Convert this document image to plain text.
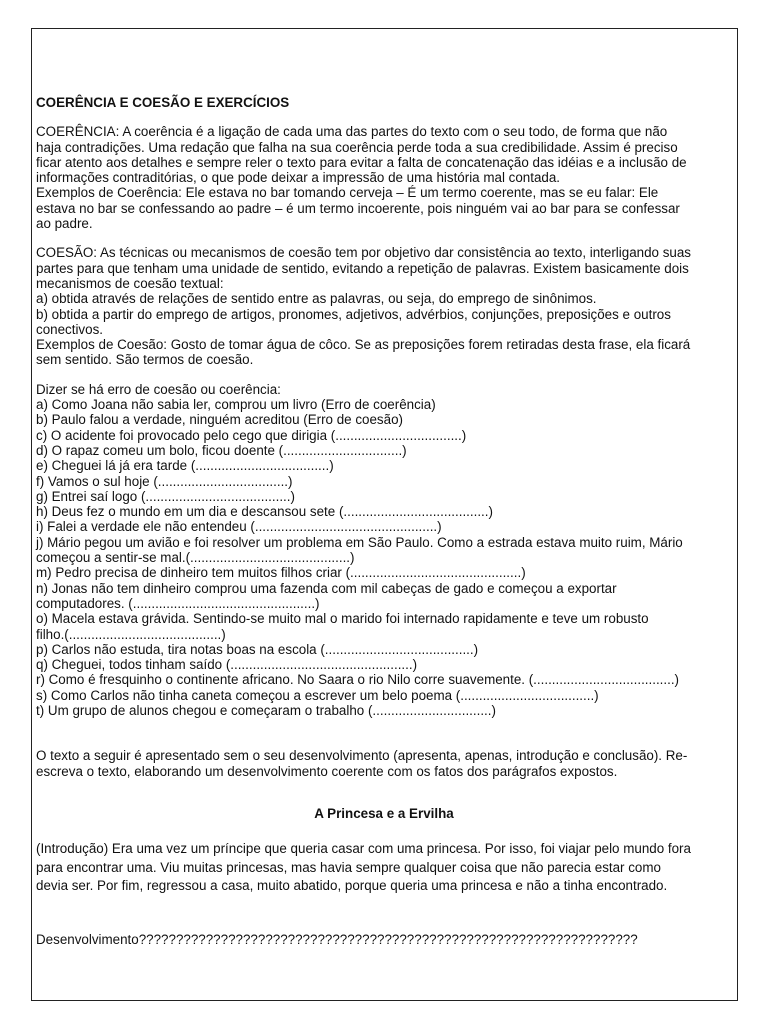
COERÊNCIA E COESÃO E EXERCÍCIOS

COERÊNCIA: A coerência é a ligação de cada uma das partes do texto com o seu todo, de forma que não

haja contradições. Uma redação que falha na sua coerência perde toda a sua credibilidade. Assim é preciso

ficar atento aos detalhes e sempre reler o texto para evitar a falta de concatenação das idéias e a inclusão de

informações contraditórias, o que pode deixar a impressão de uma história mal contada.

Exemplos de Coerência: Ele estava no bar tomando cerveja – É um termo coerente, mas se eu falar: Ele

estava no bar se confessando ao padre – é um termo incoerente, pois ninguém vai ao bar para se confessar

ao padre.

COESÃO: As técnicas ou mecanismos de coesão tem por objetivo dar consistência ao texto, interligando suas

partes para que tenham uma unidade de sentido, evitando a repetição de palavras. Existem basicamente dois

mecanismos de coesão textual:

a) obtida através de relações de sentido entre as palavras, ou seja, do emprego de sinônimos.

b) obtida a partir do emprego de artigos, pronomes, adjetivos, advérbios, conjunções, preposições e outros

conectivos.

Exemplos de Coesão: Gosto de tomar água de côco. Se as preposições forem retiradas desta frase, ela ficará

sem sentido. São termos de coesão.

Dizer se há erro de coesão ou coerência:

a) Como Joana não sabia ler, comprou um livro (Erro de coerência)

b) Paulo falou a verdade, ninguém acreditou (Erro de coesão)

c) O acidente foi provocado pelo cego que dirigia (..................................)

d) O rapaz comeu um bolo, ficou doente (................................)

e) Cheguei lá já era tarde (....................................)

f) Vamos o sul hoje (...................................)

g) Entrei saí logo (.......................................)

h) Deus fez o mundo em um dia e descansou sete (.......................................)

i) Falei a verdade ele não entendeu (.................................................)

j) Mário pegou um avião e foi resolver um problema em São Paulo. Como a estrada estava muito ruim, Mário

começou a sentir-se mal.(...........................................)

m) Pedro precisa de dinheiro tem muitos filhos criar (..............................................)

n) Jonas não tem dinheiro comprou uma fazenda com mil cabeças de gado e começou a exportar

computadores. (.................................................)

o) Macela estava grávida. Sentindo-se muito mal o marido foi internado rapidamente e teve um robusto

filho.(.........................................)

p) Carlos não estuda, tira notas boas na escola (........................................)

q) Cheguei, todos tinham saído (.................................................)

r) Como é fresquinho o continente africano. No Saara o rio Nilo corre suavemente. (......................................)

s) Como Carlos não tinha caneta começou a escrever um belo poema (....................................)

t) Um grupo de alunos chegou e começaram o trabalho (................................)

O texto a seguir é apresentado sem o seu desenvolvimento (apresenta, apenas, introdução e conclusão). Re-

escreva o texto, elaborando um desenvolvimento coerente com os fatos dos parágrafos expostos.

A Princesa e a Ervilha

(Introdução) Era uma vez um príncipe que queria casar com uma princesa. Por isso, foi viajar pelo mundo fora

para encontrar uma. Viu muitas princesas, mas havia sempre qualquer coisa que não parecia estar como

devia ser. Por fim, regressou a casa, muito abatido, porque queria uma princesa e não a tinha encontrado.

Desenvolvimento???????????????????????????????????????????????????????????????????
